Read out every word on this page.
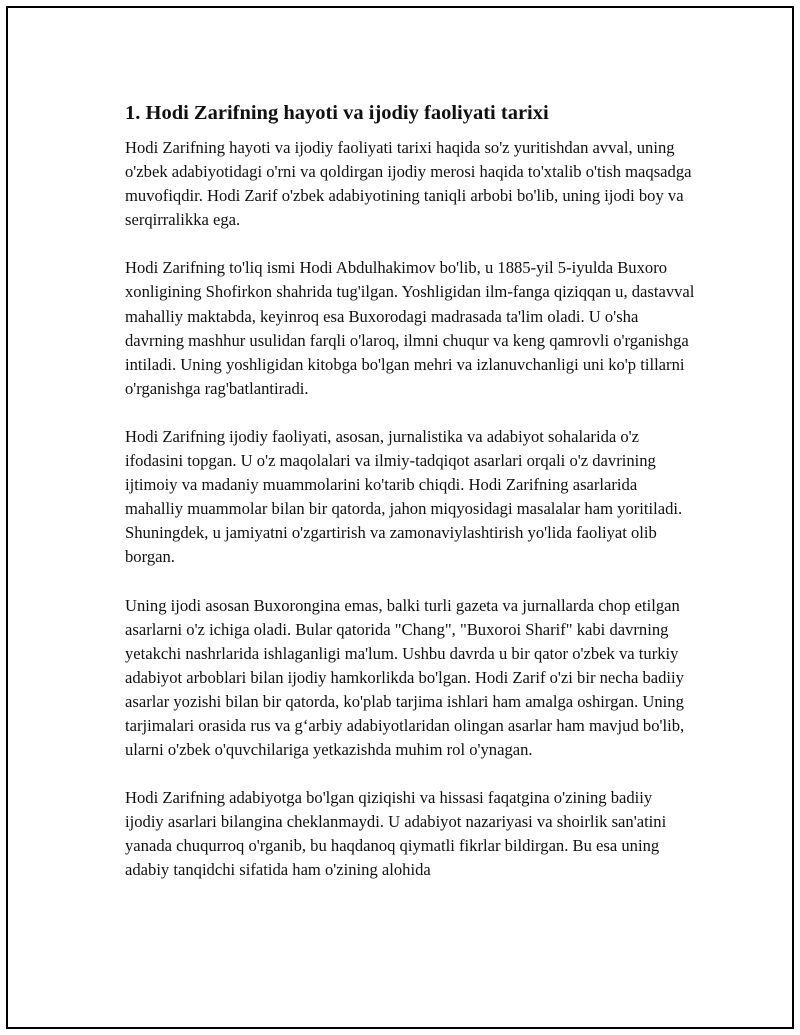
1. Hodi Zarifning hayoti va ijodiy faoliyati tarixi

Hodi Zarifning hayoti va ijodiy faoliyati tarixi haqida so'z yuritishdan avval, uning o'zbek adabiyotidagi o'rni va qoldirgan ijodiy merosi haqida to'xtalib o'tish maqsadga muvofiqdir. Hodi Zarif o'zbek adabiyotining taniqli arbobi bo'lib, uning ijodi boy va serqirralikka ega.

Hodi Zarifning to'liq ismi Hodi Abdulhakimov bo'lib, u 1885-yil 5-iyulda Buxoro xonligining Shofirkon shahrida tug'ilgan. Yoshligidan ilm-fanga qiziqqan u, dastavval mahalliy maktabda, keyinroq esa Buxorodagi madrasada ta'lim oladi. U o'sha davrning mashhur usulidan farqli o'laroq, ilmni chuqur va keng qamrovli o'rganishga intiladi. Uning yoshligidan kitobga bo'lgan mehri va izlanuvchanligi uni ko'p tillarni o'rganishga rag'batlantiradi.

Hodi Zarifning ijodiy faoliyati, asosan, jurnalistika va adabiyot sohalarida o'z ifodasini topgan. U o'z maqolalari va ilmiy-tadqiqot asarlari orqali o'z davrining ijtimoiy va madaniy muammolarini ko'tarib chiqdi. Hodi Zarifning asarlarida mahalliy muammolar bilan bir qatorda, jahon miqyosidagi masalalar ham yoritiladi. Shuningdek, u jamiyatni o'zgartirish va zamonaviylashtirish yo'lida faoliyat olib borgan.

Uning ijodi asosan Buxorongina emas, balki turli gazeta va jurnallarda chop etilgan asarlarni o'z ichiga oladi. Bular qatorida "Chang", "Buxoroi Sharif" kabi davrning yetakchi nashrlarida ishlaganligi ma'lum. Ushbu davrda u bir qator o'zbek va turkiy adabiyot arboblari bilan ijodiy hamkorlikda bo'lgan. Hodi Zarif o'zi bir necha badiiy asarlar yozishi bilan bir qatorda, ko'plab tarjima ishlari ham amalga oshirgan. Uning tarjimalari orasida rus va g‘arbiy adabiyotlaridan olingan asarlar ham mavjud bo'lib, ularni o'zbek o'quvchilariga yetkazishda muhim rol o'ynagan.

Hodi Zarifning adabiyotga bo'lgan qiziqishi va hissasi faqatgina o'zining badiiy ijodiy asarlari bilangina cheklanmaydi. U adabiyot nazariyasi va shoirlik san'atini yanada chuqurroq o'rganib, bu haqdanoq qiymatli fikrlar bildirgan. Bu esa uning adabiy tanqidchi sifatida ham o'zining alohida
